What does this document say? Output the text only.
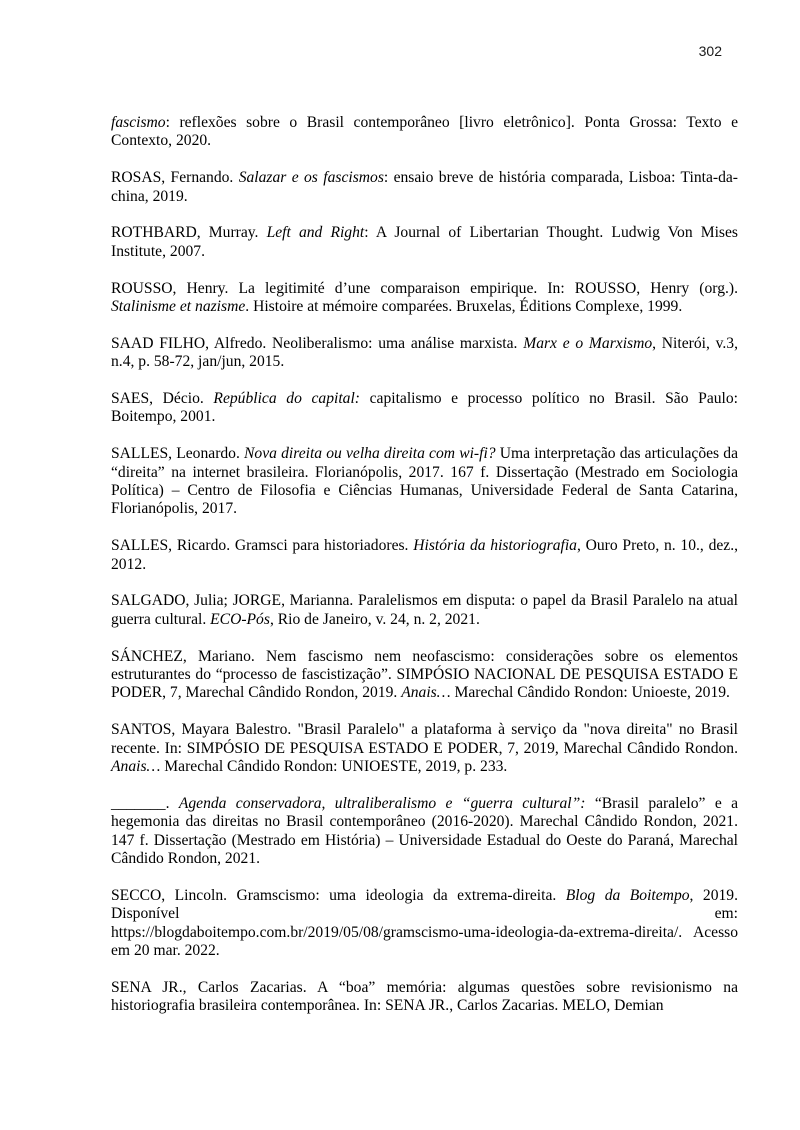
302

fascismo: reflexões sobre o Brasil contemporâneo [livro eletrônico]. Ponta Grossa: Texto e Contexto, 2020.

ROSAS, Fernando. Salazar e os fascismos: ensaio breve de história comparada, Lisboa: Tinta-da-china, 2019.

ROTHBARD, Murray. Left and Right: A Journal of Libertarian Thought. Ludwig Von Mises Institute, 2007.

ROUSSO, Henry. La legitimité d’une comparaison empirique. In: ROUSSO, Henry (org.). Stalinisme et nazisme. Histoire at mémoire comparées. Bruxelas, Éditions Complexe, 1999.

SAAD FILHO, Alfredo. Neoliberalismo: uma análise marxista. Marx e o Marxismo, Niterói, v.3, n.4, p. 58-72, jan/jun, 2015.

SAES, Décio. República do capital: capitalismo e processo político no Brasil. São Paulo: Boitempo, 2001.

SALLES, Leonardo. Nova direita ou velha direita com wi-fi? Uma interpretação das articulações da “direita” na internet brasileira. Florianópolis, 2017. 167 f. Dissertação (Mestrado em Sociologia Política) – Centro de Filosofia e Ciências Humanas, Universidade Federal de Santa Catarina, Florianópolis, 2017.

SALLES, Ricardo. Gramsci para historiadores. História da historiografia, Ouro Preto, n. 10., dez., 2012.

SALGADO, Julia; JORGE, Marianna. Paralelismos em disputa: o papel da Brasil Paralelo na atual guerra cultural. ECO-Pós, Rio de Janeiro, v. 24, n. 2, 2021.

SÁNCHEZ, Mariano. Nem fascismo nem neofascismo: considerações sobre os elementos estruturantes do “processo de fascistização”. SIMPÓSIO NACIONAL DE PESQUISA ESTADO E PODER, 7, Marechal Cândido Rondon, 2019. Anais… Marechal Cândido Rondon: Unioeste, 2019.

SANTOS, Mayara Balestro. "Brasil Paralelo" a plataforma à serviço da "nova direita" no Brasil recente. In: SIMPÓSIO DE PESQUISA ESTADO E PODER, 7, 2019, Marechal Cândido Rondon. Anais… Marechal Cândido Rondon: UNIOESTE, 2019, p. 233.

_______. Agenda conservadora, ultraliberalismo e “guerra cultural”: “Brasil paralelo” e a hegemonia das direitas no Brasil contemporâneo (2016-2020). Marechal Cândido Rondon, 2021. 147 f. Dissertação (Mestrado em História) – Universidade Estadual do Oeste do Paraná, Marechal Cândido Rondon, 2021.

SECCO, Lincoln. Gramscismo: uma ideologia da extrema-direita. Blog da Boitempo, 2019. Disponível em: https://blogdaboitempo.com.br/2019/05/08/gramscismo-uma-ideologia-da-extrema-direita/. Acesso em 20 mar. 2022.

SENA JR., Carlos Zacarias. A “boa” memória: algumas questões sobre revisionismo na historiografia brasileira contemporânea. In: SENA JR., Carlos Zacarias. MELO, Demian
